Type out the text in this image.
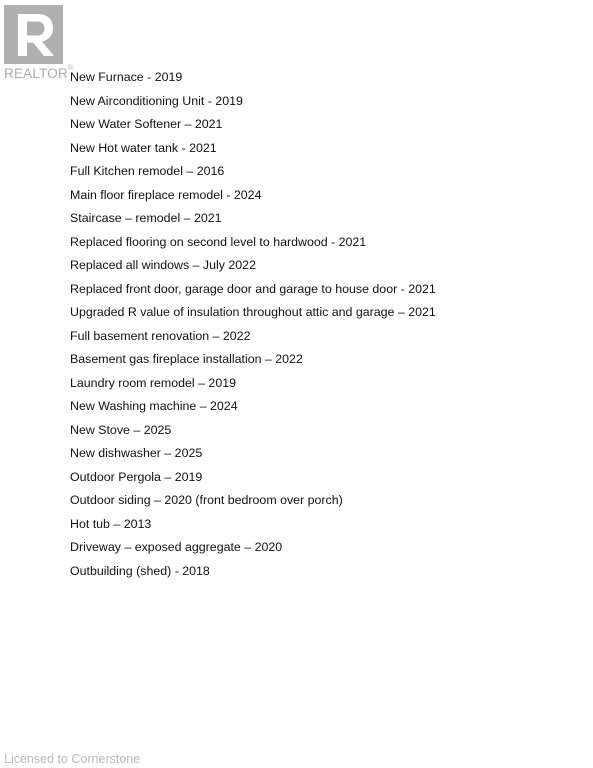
REALTOR®
New Furnace - 2019
New Airconditioning Unit - 2019
New Water Softener – 2021
New Hot water tank - 2021
Full Kitchen remodel – 2016
Main floor fireplace remodel - 2024
Staircase – remodel – 2021
Replaced flooring on second level to hardwood - 2021
Replaced all windows – July 2022
Replaced front door, garage door and garage to house door - 2021
Upgraded R value of insulation throughout attic and garage – 2021
Full basement renovation – 2022
Basement gas fireplace installation – 2022
Laundry room remodel – 2019
New Washing machine – 2024
New Stove – 2025
New dishwasher – 2025
Outdoor Pergola – 2019
Outdoor siding – 2020 (front bedroom over porch)
Hot tub – 2013
Driveway – exposed aggregate – 2020
Outbuilding (shed) - 2018
Licensed to Cornerstone
